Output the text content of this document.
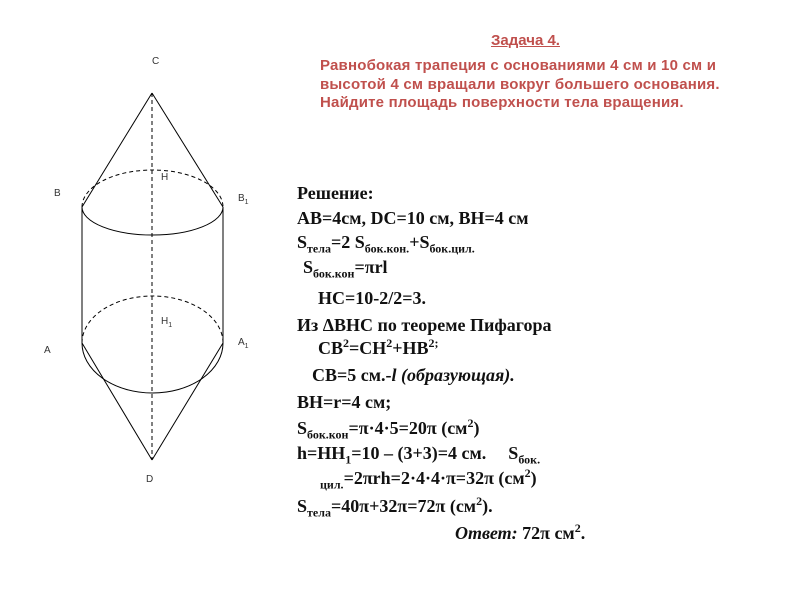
C
B	$B_1$
H
$H_1$
A
$A_1$
D
Задача 4.
Равнобокая трапеция с основаниями 4 см и 10 см и высотой 4 см вращали вокруг большего основания. Найдите площадь поверхности тела вращения.
Решение:
AB=4см, DC=10 см, BH=4 см
$S_{тела}=2$ $S_{бок.кон.}+S_{бок.цил.}$
$S_{бок.кон}=\pi rl$
HC=10-2/2=3.
Из ΔBHC по теореме Пифагора
$CB^2=CH^2+HB^{2;}$
CB=5 см.-l (образующая).
BH=r=4 см;
$S_{бок.кон}=\pi\cdot 4\cdot 5=20\pi$ $(см^2)$
$h=HH_1=10 - (3+3)=4$ см. $S_{бок.}$
$_{цил.}$=2πrh=2·4·4·π=32π $(см^2)$
$S_{тела}=40\pi+32\pi=72\pi$ $(см^2)$.
Ответ: 72π $см^2$.
